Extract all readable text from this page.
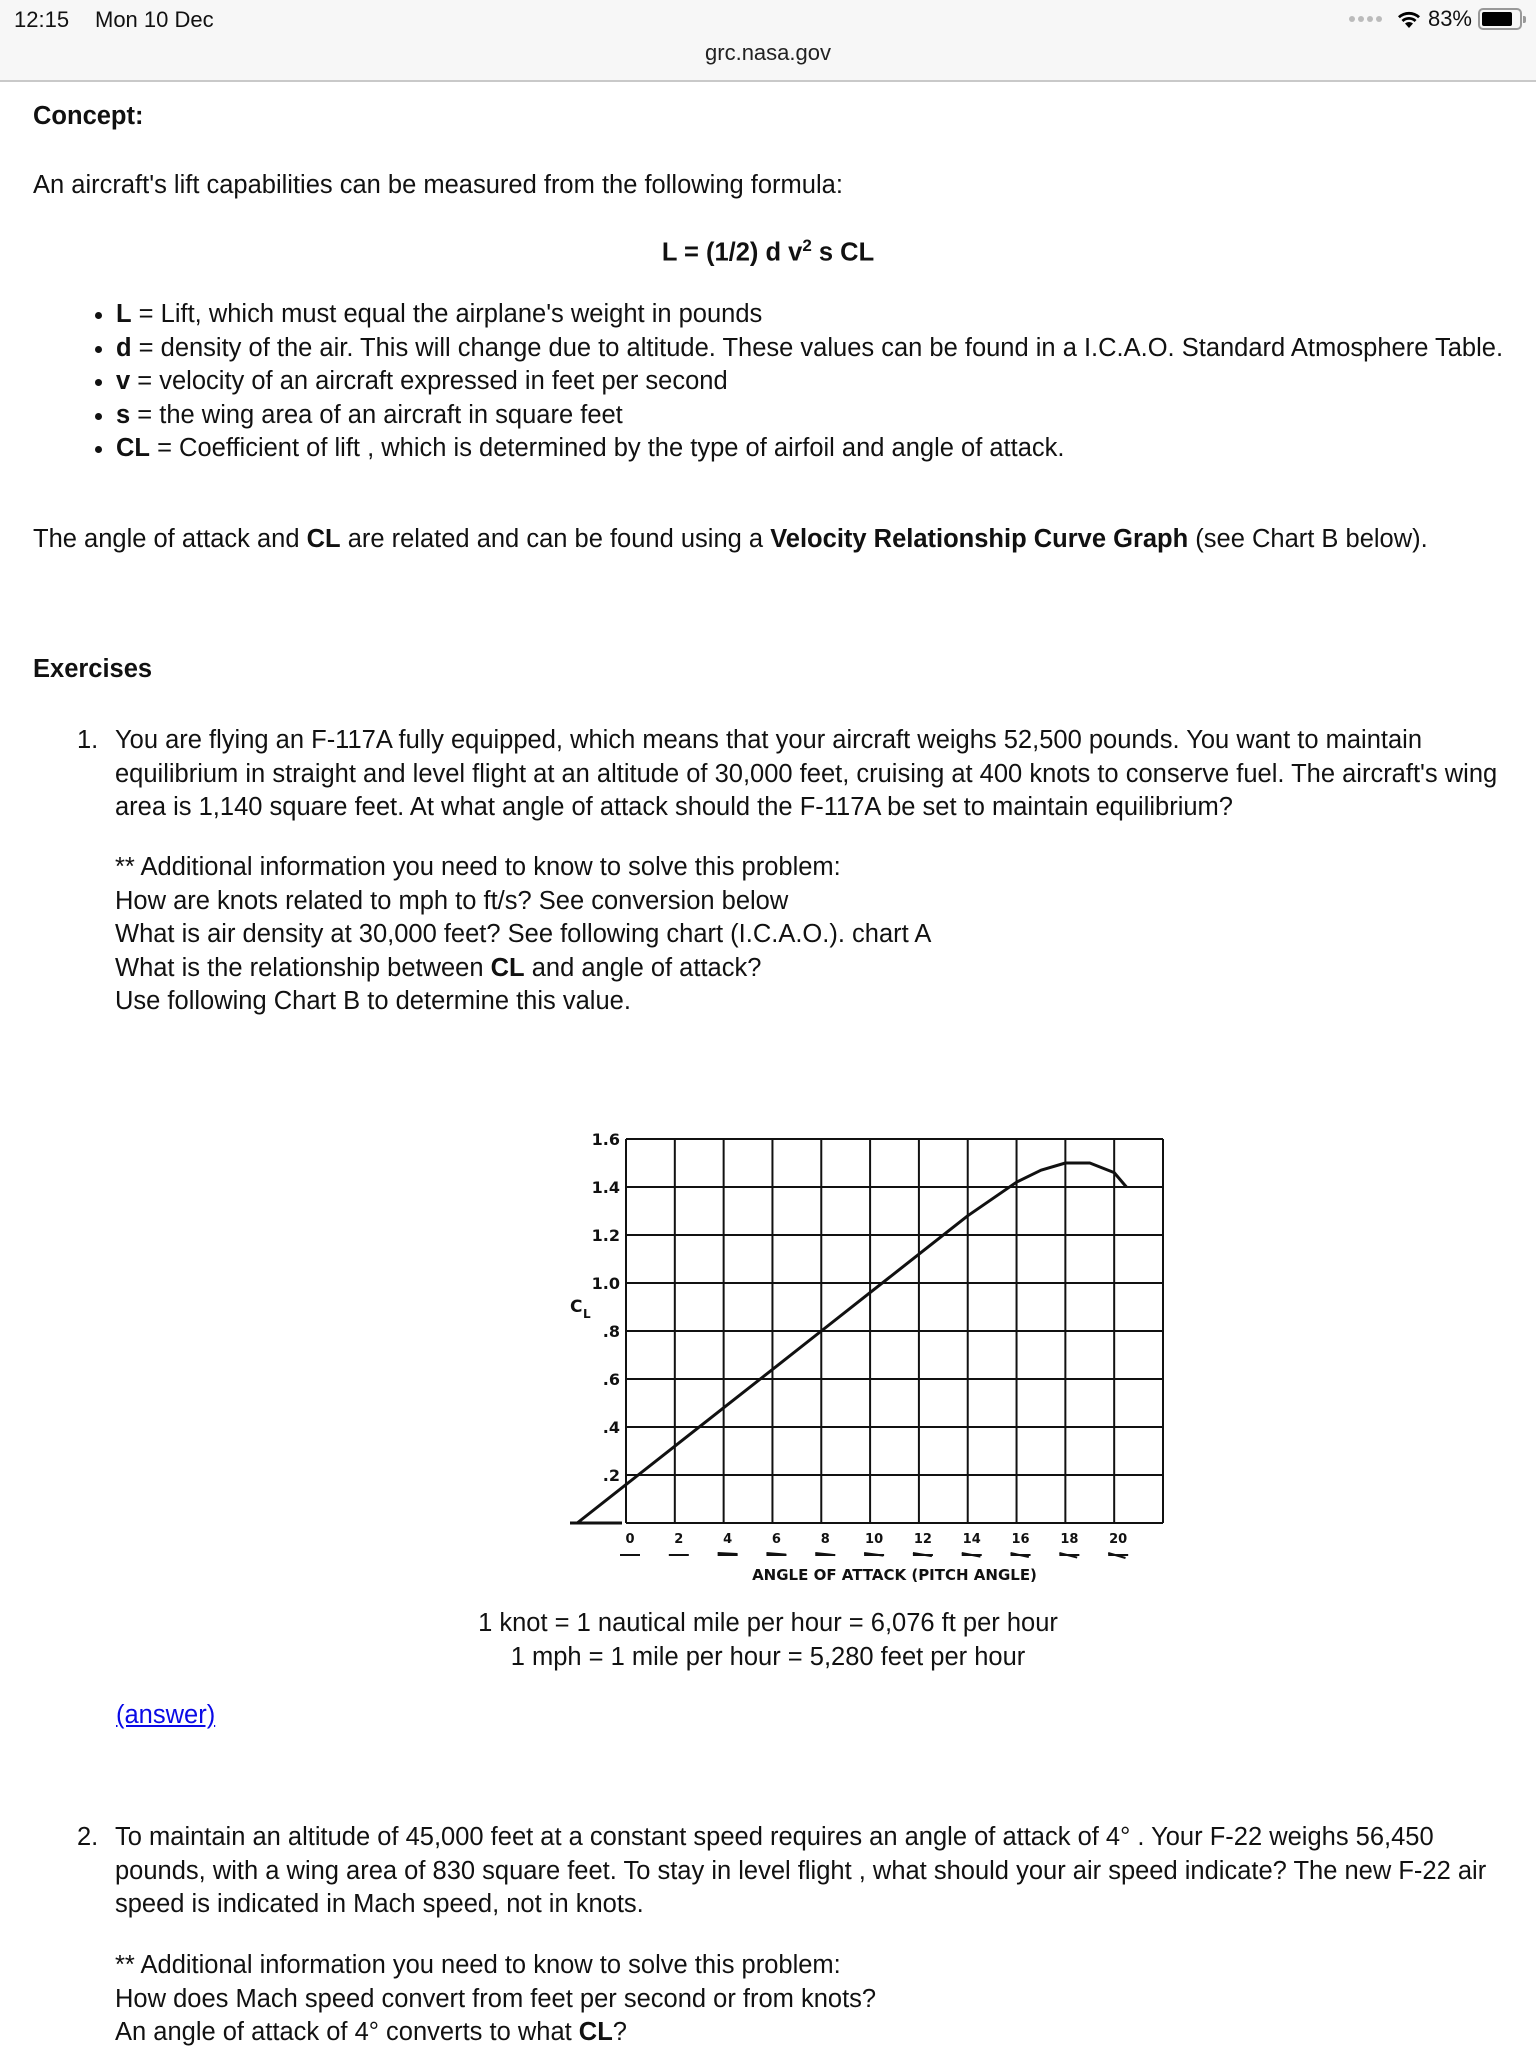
12:15 Mon 10 Dec	83%
grc.nasa.gov
Concept:

An aircraft's lift capabilities can be measured from the following formula:

L = (1/2) d $v^2$ s CL
• L = Lift, which must equal the airplane's weight in pounds
• d = density of the air. This will change due to altitude. These values can be found in a I.C.A.O. Standard Atmosphere Table.
• v = velocity of an aircraft expressed in feet per second
• s = the wing area of an aircraft in square feet
• CL = Coefficient of lift , which is determined by the type of airfoil and angle of attack.

The angle of attack and CL are related and can be found using a Velocity Relationship Curve Graph (see Chart B below).

Exercises
1. You are flying an F-117A fully equipped, which means that your aircraft weighs 52,500 pounds. You want to maintain equilibrium in straight and level flight at an altitude of 30,000 feet, cruising at 400 knots to conserve fuel. The aircraft's wing area is 1,140 square feet. At what angle of attack should the F-117A be set to maintain equilibrium?
** Additional information you need to know to solve this problem:
How are knots related to mph to ft/s? See conversion below
What is air density at 30,000 feet? See following chart (I.C.A.O.). chart A
What is the relationship between CL and angle of attack?
Use following Chart B to determine this value.
.2
.4
.6
.8
1.0
1.2
1.4
1.6
C L
0	2	4	6	8	10 12 14 16 18 20
ANGLE OF ATTACK (PITCH ANGLE)
1 knot = 1 nautical mile per hour = 6,076 ft per hour
1 mph = 1 mile per hour = 5,280 feet per hour
(answer)
2. To maintain an altitude of 45,000 feet at a constant speed requires an angle of attack of 4° . Your F-22 weighs 56,450 pounds, with a wing area of 830 square feet. To stay in level flight , what should your air speed indicate? The new F-22 air speed is indicated in Mach speed, not in knots.
** Additional information you need to know to solve this problem:
How does Mach speed convert from feet per second or from knots?
An angle of attack of 4° converts to what CL?
